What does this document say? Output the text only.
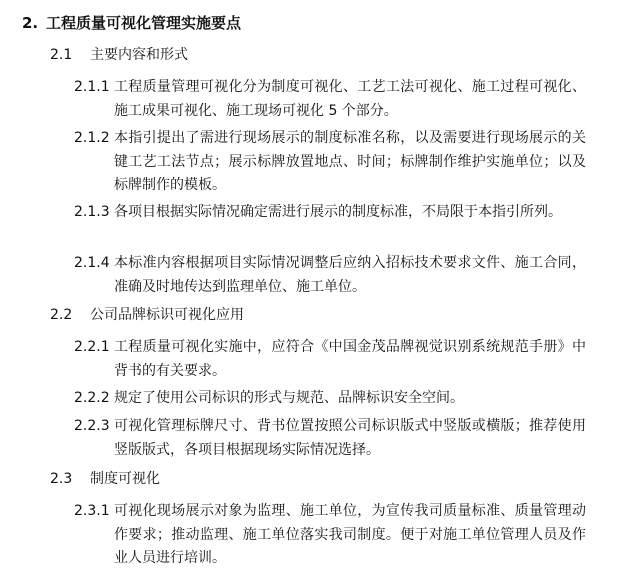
2. 工程质量可视化管理实施要点
2.1 主要内容和形式
2.1.1 工程质量管理可视化分为制度可视化、工艺工法可视化、施工过程可视化、施工成果可视化、施工现场可视化 5 个部分。
2.1.2 本指引提出了需进行现场展示的制度标准名称，以及需要进行现场展示的关键工艺工法节点；展示标牌放置地点、时间；标牌制作维护实施单位；以及标牌制作的模板。
2.1.3 各项目根据实际情况确定需进行展示的制度标准，不局限于本指引所列。
2.1.4 本标准内容根据项目实际情况调整后应纳入招标技术要求文件、施工合同，准确及时地传达到监理单位、施工单位。
2.2 公司品牌标识可视化应用
2.2.1 工程质量可视化实施中，应符合《中国金茂品牌视觉识别系统规范手册》中背书的有关要求。
2.2.2 规定了使用公司标识的形式与规范、品牌标识安全空间。
2.2.3 可视化管理标牌尺寸、背书位置按照公司标识版式中竖版或横版；推荐使用竖版版式，各项目根据现场实际情况选择。
2.3 制度可视化
2.3.1 可视化现场展示对象为监理、施工单位，为宣传我司质量标准、质量管理动作要求；推动监理、施工单位落实我司制度。便于对施工单位管理人员及作业人员进行培训。
